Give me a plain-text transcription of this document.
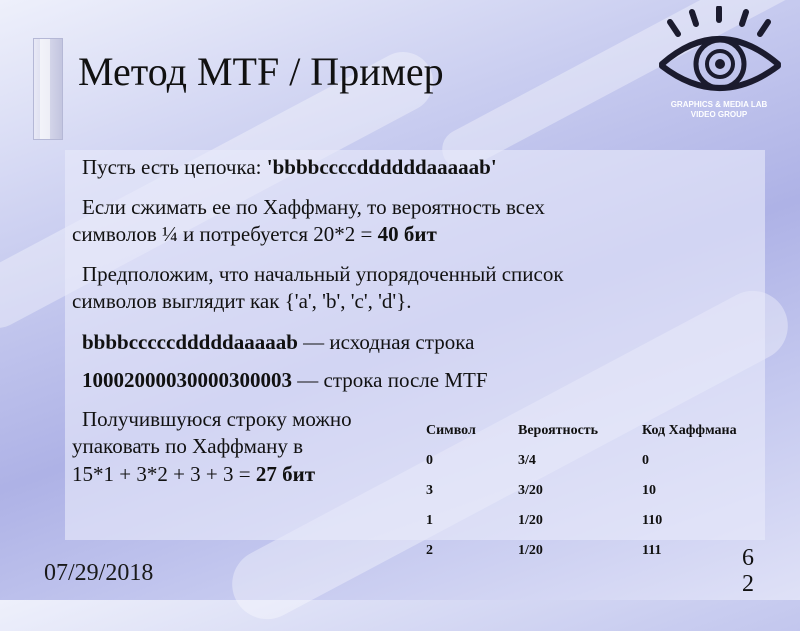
Метод MTF / Пример
GRAPHICS & MEDIA LAB
VIDEO GROUP

Пусть есть цепочка: 'bbbbccccddddddaaaaab'

Если сжимать ее по Хаффману, то вероятность всех

символов ¼ и потребуется 20*2 = 40 бит

Предположим, что начальный упорядоченный список

символов выглядит как {'a', 'b', 'c', 'd'}.

bbbbcccccdddddaaaaab — исходная строка

10002000030000300003 — строка после MTF

Получившуюся строку можно

упаковать по Хаффману в

15*1 + 3*2 + 3 + 3 = 27 бит

Символ	Вероятность	Код Хаффмана
0	3/4	0
3	3/20	10
1	1/20	110
2	1/20	111
07/29/2018
6
2
